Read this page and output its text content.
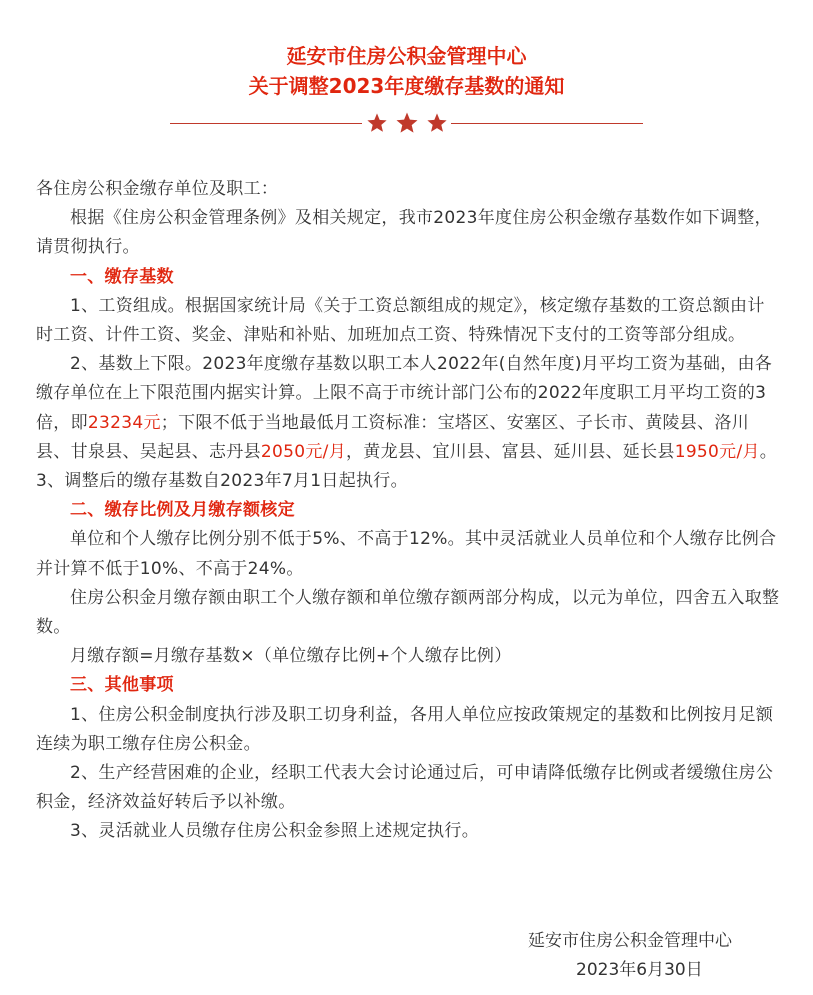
延安市住房公积金管理中心
关于调整2023年度缴存基数的通知

各住房公积金缴存单位及职工：

根据《住房公积金管理条例》及相关规定，我市2023年度住房公积金缴存基数作如下调整，请贯彻执行。

一、缴存基数

1、工资组成。根据国家统计局《关于工资总额组成的规定》，核定缴存基数的工资总额由计时工资、计件工资、奖金、津贴和补贴、加班加点工资、特殊情况下支付的工资等部分组成。

2、基数上下限。2023年度缴存基数以职工本人2022年(自然年度)月平均工资为基础，由各缴存单位在上下限范围内据实计算。上限不高于市统计部门公布的2022年度职工月平均工资的3倍，即23234元；下限不低于当地最低月工资标准：宝塔区、安塞区、子长市、黄陵县、洛川县、甘泉县、吴起县、志丹县2050元/月，黄龙县、宜川县、富县、延川县、延长县1950元/月。3、调整后的缴存基数自2023年7月1日起执行。

二、缴存比例及月缴存额核定

单位和个人缴存比例分别不低于5%、不高于12%。其中灵活就业人员单位和个人缴存比例合并计算不低于10%、不高于24%。

住房公积金月缴存额由职工个人缴存额和单位缴存额两部分构成，以元为单位，四舍五入取整数。

月缴存额=月缴存基数×（单位缴存比例+个人缴存比例）

三、其他事项

1、住房公积金制度执行涉及职工切身利益，各用人单位应按政策规定的基数和比例按月足额连续为职工缴存住房公积金。

2、生产经营困难的企业，经职工代表大会讨论通过后，可申请降低缴存比例或者缓缴住房公积金，经济效益好转后予以补缴。

3、灵活就业人员缴存住房公积金参照上述规定执行。

延安市住房公积金管理中心
2023年6月30日
